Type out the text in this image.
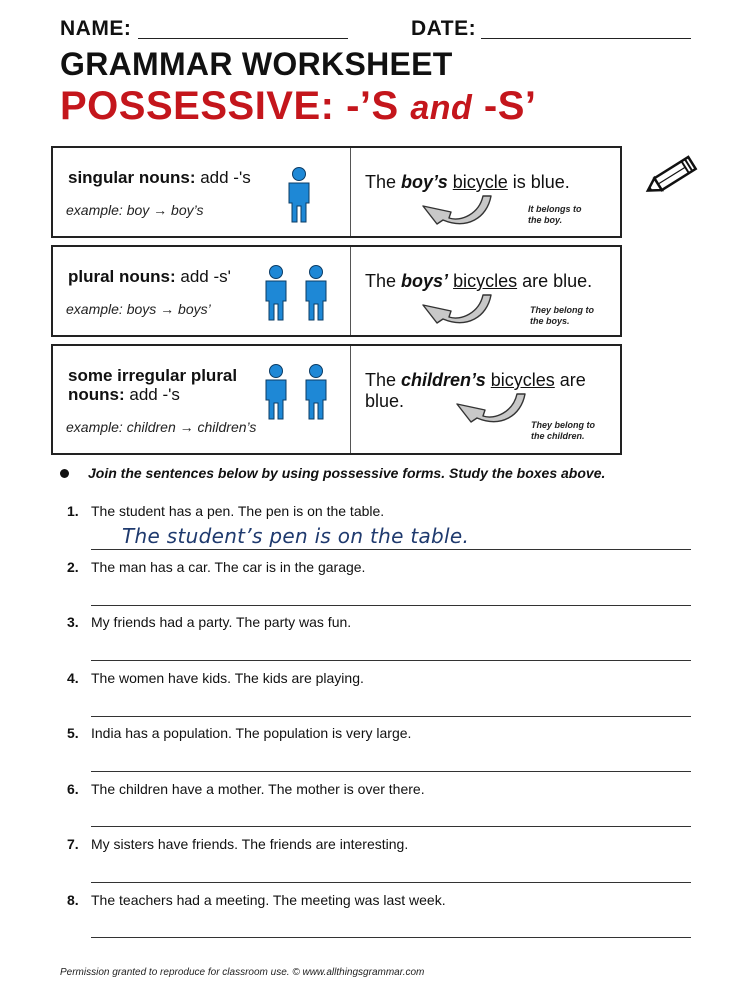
NAME:	DATE:
GRAMMAR WORKSHEET
POSSESSIVE: -’S and -S’
singular nouns: add -'s
example: boy → boy’s
The boy’s bicycle is blue.
It belongs to the boy.
plural nouns: add -s'
example: boys → boys’
The boys’ bicycles are blue.
They belong to the boys.
some irregular plural nouns: add -'s
example: children → children’s
The children’s bicycles are blue.
They belong to the children.
Join the sentences below by using possessive forms. Study the boxes above.
1. The student has a pen. The pen is on the table.
The student’s pen is on the table.
2. The man has a car. The car is in the garage.
3. My friends had a party. The party was fun.
4. The women have kids. The kids are playing.
5. India has a population. The population is very large.
6. The children have a mother. The mother is over there.
7. My sisters have friends. The friends are interesting.
8. The teachers had a meeting. The meeting was last week.
Permission granted to reproduce for classroom use. © www.allthingsgrammar.com
